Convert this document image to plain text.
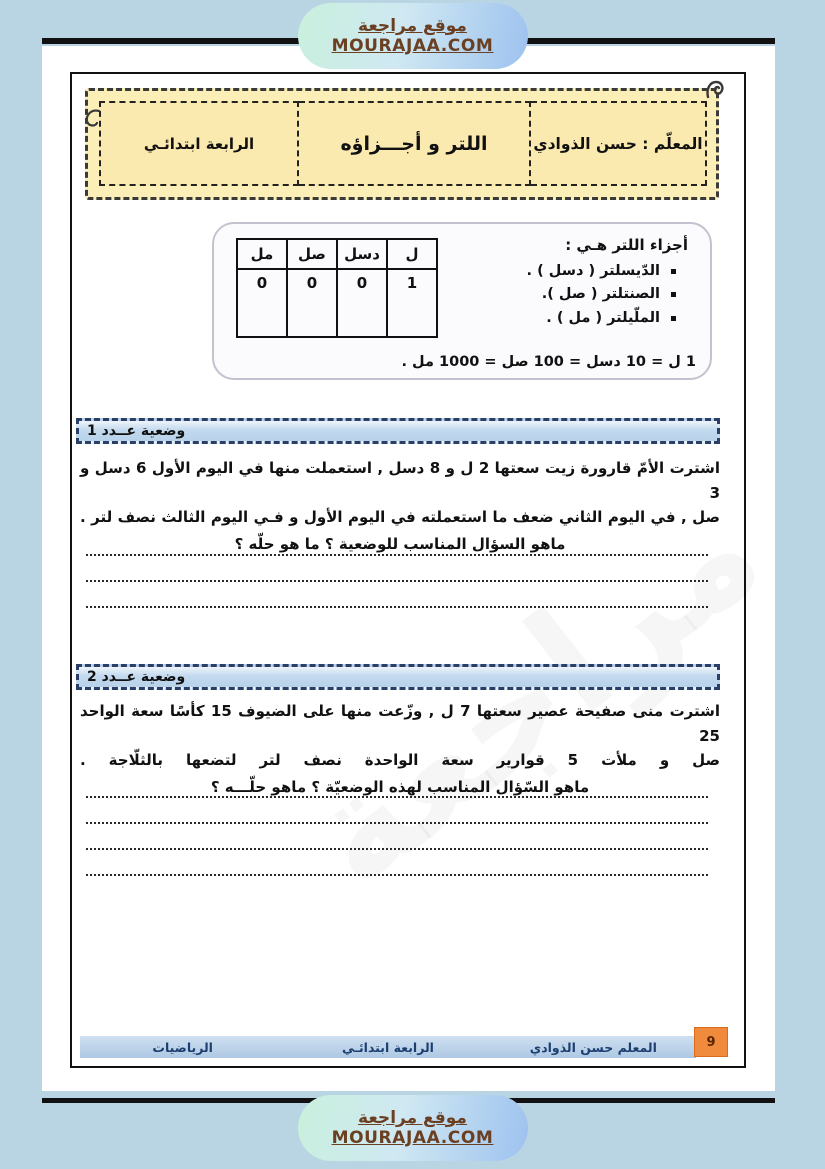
المعلّم : حسن الذوادي
اللتر و أجـــزاؤه
الرابعة ابتدائـي
أجزاء اللتر هـي :
الدّيسلتر ( دسل ) .
الصنتلتر ( صل ).
الملّيلتر ( مل ) .
1 ل = 10 دسل = 100 صل = 1000 مل .
ل	دسل	صل	مل
1	0	0	0
وضعية عــدد 1
اشترت الأمّ قارورة زيت سعتها 2 ل و 8 دسل , استعملت منها في اليوم الأول 6 دسل و 3
صل , في اليوم الثاني ضعف ما استعملته في اليوم الأول و فـي اليوم الثالث نصف لتر .
ماهو السؤال المناسب للوضعية ؟ ما هو حلّه ؟
وضعية عــدد 2
اشترت منى صفيحة عصير سعتها 7 ل , وزّعت منها على الضيوف 15 كأسًا سعة الواحد 25
صل و ملأت 5 قوارير سعة الواحدة نصف لتر لتضعها بالثلّاجة .
ماهو السّؤال المناسب لهذه الوضعيّة ؟ ماهو حلّـــه ؟
المعلم حسن الذوادي
الرابعة ابتدائـي
الرياضيات	9
موقع مراجعة
MOURAJAA.COM
موقع مراجعة
MOURAJAA.COM
